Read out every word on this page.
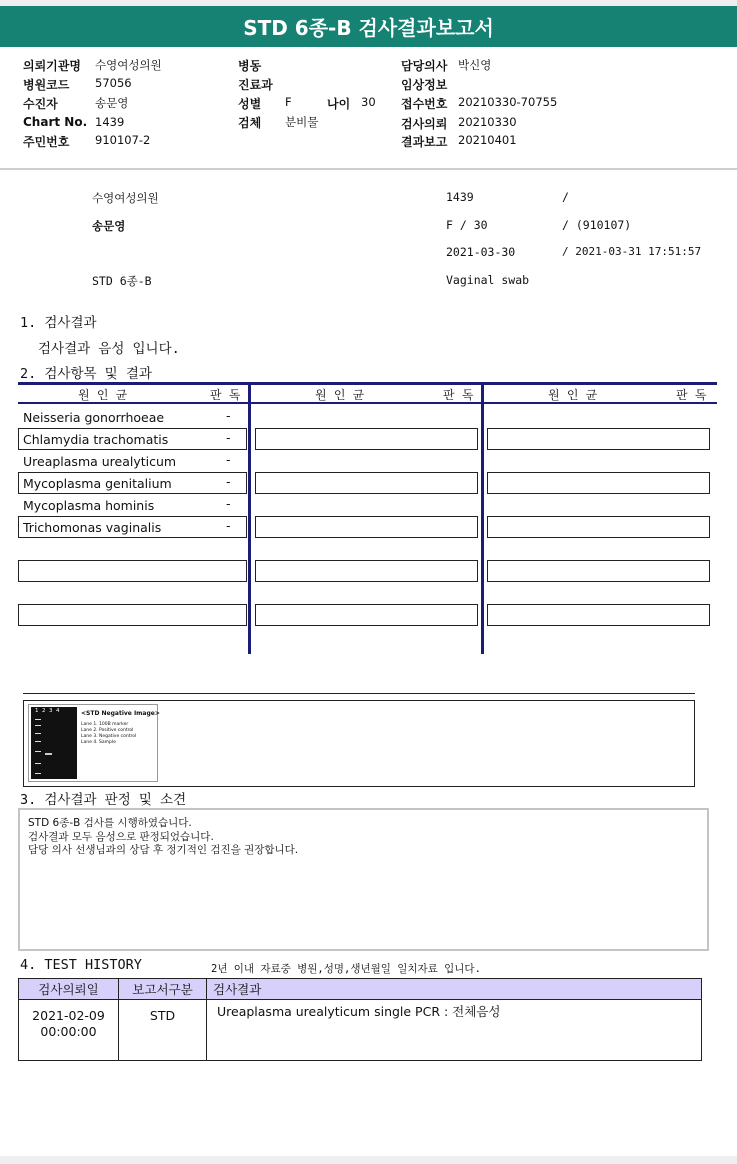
STD 6종-B 검사결과보고서
의뢰기관명 수영여성의원
병원코드 57056
수진자	송문영
Chart No. 1439
주민번호 910107-2
병동
진료과
성별 F	나이 30
검체 분비물
담당의사 박신영
임상정보
접수번호 20210330-70755
검사의뢰 20210330
결과보고 20210401
수영여성의원	1439	/
송문영	F / 30	/ (910107)
2021-03-30	/ 2021-03-31 17:51:57
STD 6종-B	Vaginal swab
1. 검사결과
검사결과 음성 입니다.
2. 검사항목 및 결과
원 인 균	판 독	원 인 균	판 독	원 인 균	판 독
Neisseria gonorrhoeae	-
Chlamydia trachomatis	-
Ureaplasma urealyticum	-
Mycoplasma genitalium	-
Mycoplasma hominis	-
Trichomonas vaginalis	-
1  2  3  4	<STD Negative Image>
Lane 1. 100B marker
Lane 2. Positive control
Lane 3. Negative control
Lane 4. Sample
3. 검사결과 판정 및 소견
STD 6종-B 검사를 시행하였습니다.
검사결과 모두 음성으로 판정되었습니다.
담당 의사 선생님과의 상담 후 정기적인 검진을 권장합니다.
4. TEST HISTORY	2년 이내 자료중 병원,성명,생년월일 일치자료 입니다.
검사의뢰일	보고서구분	검사결과

2021-02-09
00:00:00	STD	Ureaplasma urealyticum single PCR : 전체음성
